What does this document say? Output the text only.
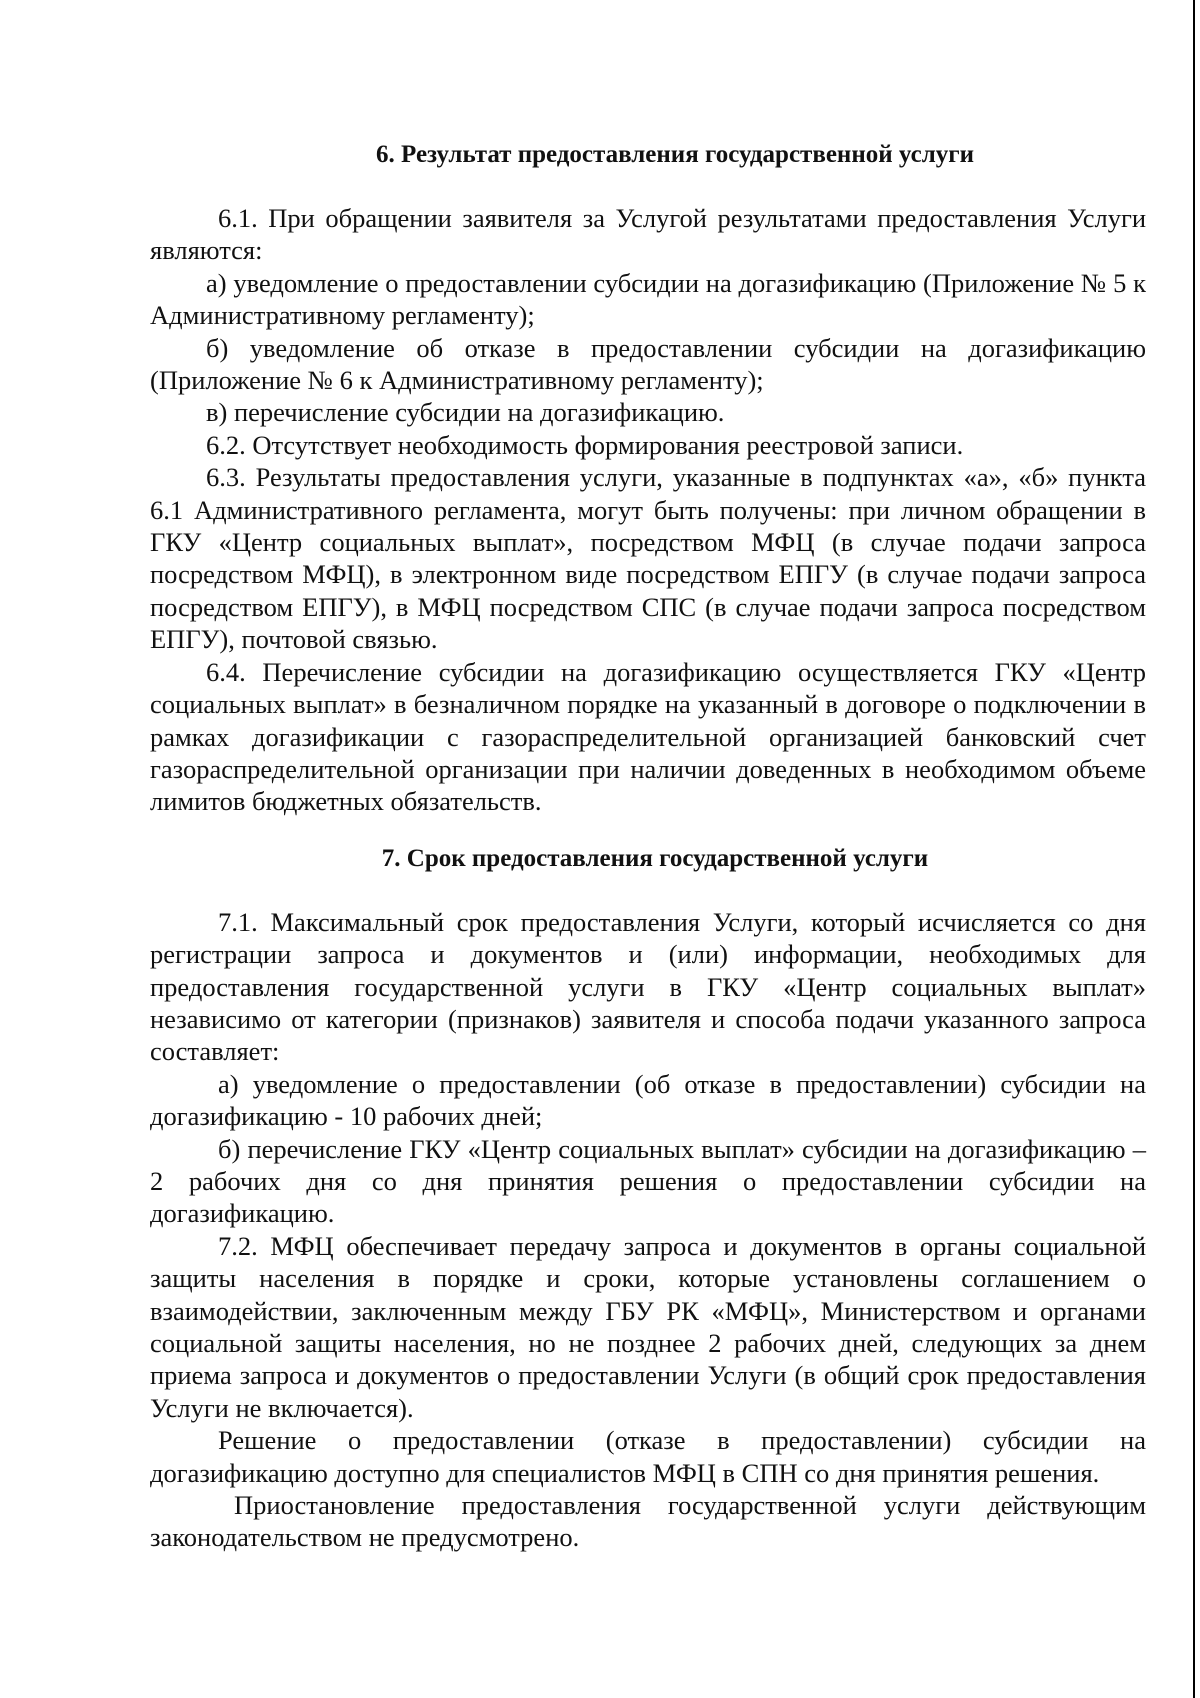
6. Результат предоставления государственной услуги

6.1. При обращении заявителя за Услугой результатами предоставления Услуги являются:

а) уведомление о предоставлении субсидии на догазификацию (Приложение № 5 к Административному регламенту);

б) уведомление об отказе в предоставлении субсидии на догазификацию (Приложение № 6 к Административному регламенту);

в) перечисление субсидии на догазификацию.

6.2. Отсутствует необходимость формирования реестровой записи.

6.3. Результаты предоставления услуги, указанные в подпунктах «а», «б» пункта 6.1 Административного регламента, могут быть получены: при личном обращении в ГКУ «Центр социальных выплат», посредством МФЦ (в случае подачи запроса посредством МФЦ), в электронном виде посредством ЕПГУ (в случае подачи запроса посредством ЕПГУ), в МФЦ посредством СПС (в случае подачи запроса посредством ЕПГУ), почтовой связью.

6.4. Перечисление субсидии на догазификацию осуществляется ГКУ «Центр социальных выплат» в безналичном порядке на указанный в договоре о подключении в рамках догазификации с газораспределительной организацией банковский счет газораспределительной организации при наличии доведенных в необходимом объеме лимитов бюджетных обязательств.

7. Срок предоставления государственной услуги

7.1. Максимальный срок предоставления Услуги, который исчисляется со дня регистрации запроса и документов и (или) информации, необходимых для предоставления государственной услуги в ГКУ «Центр социальных выплат» независимо от категории (признаков) заявителя и способа подачи указанного запроса составляет:

а) уведомление о предоставлении (об отказе в предоставлении) субсидии на догазификацию - 10 рабочих дней;

б) перечисление ГКУ «Центр социальных выплат» субсидии на догазификацию – 2 рабочих дня со дня принятия решения о предоставлении субсидии на догазификацию.

7.2. МФЦ обеспечивает передачу запроса и документов в органы социальной защиты населения в порядке и сроки, которые установлены соглашением о взаимодействии, заключенным между ГБУ РК «МФЦ», Министерством и органами социальной защиты населения, но не позднее 2 рабочих дней, следующих за днем приема запроса и документов о предоставлении Услуги (в общий срок предоставления Услуги не включается).

Решение о предоставлении (отказе в предоставлении) субсидии на догазификацию доступно для специалистов МФЦ в СПН со дня принятия решения.

Приостановление предоставления государственной услуги действующим законодательством не предусмотрено.
